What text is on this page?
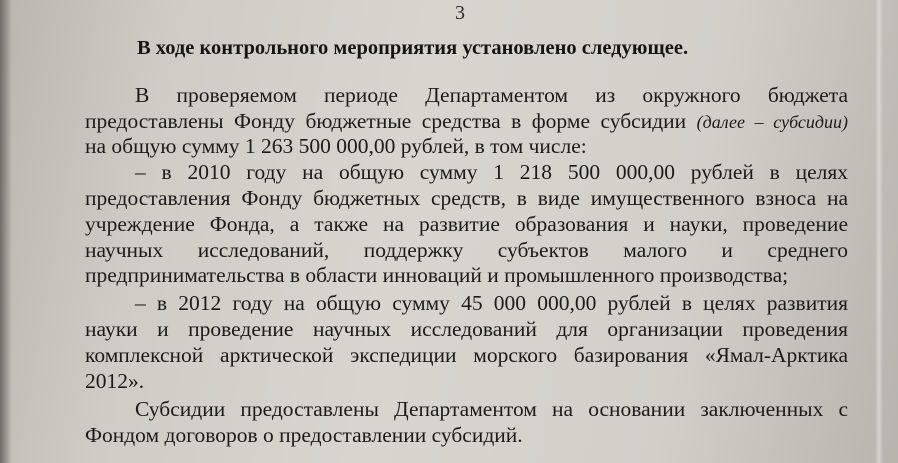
3
В ходе контрольного мероприятия установлено следующее.
В проверяемом периоде Департаментом из окружного бюджета
предоставлены Фонду бюджетные средства в форме субсидии (далее – субсидии)
на общую сумму 1 263 500 000,00 рублей, в том числе:
– в 2010 году на общую сумму 1 218 500 000,00 рублей в целях
предоставления Фонду бюджетных средств, в виде имущественного взноса на
учреждение Фонда, а также на развитие образования и науки, проведение
научных исследований, поддержку субъектов малого и среднего
предпринимательства в области инноваций и промышленного производства;
– в 2012 году на общую сумму 45 000 000,00 рублей в целях развития
науки и проведение научных исследований для организации проведения
комплексной арктической экспедиции морского базирования «Ямал-Арктика
2012».
Субсидии предоставлены Департаментом на основании заключенных с
Фондом договоров о предоставлении субсидий.
